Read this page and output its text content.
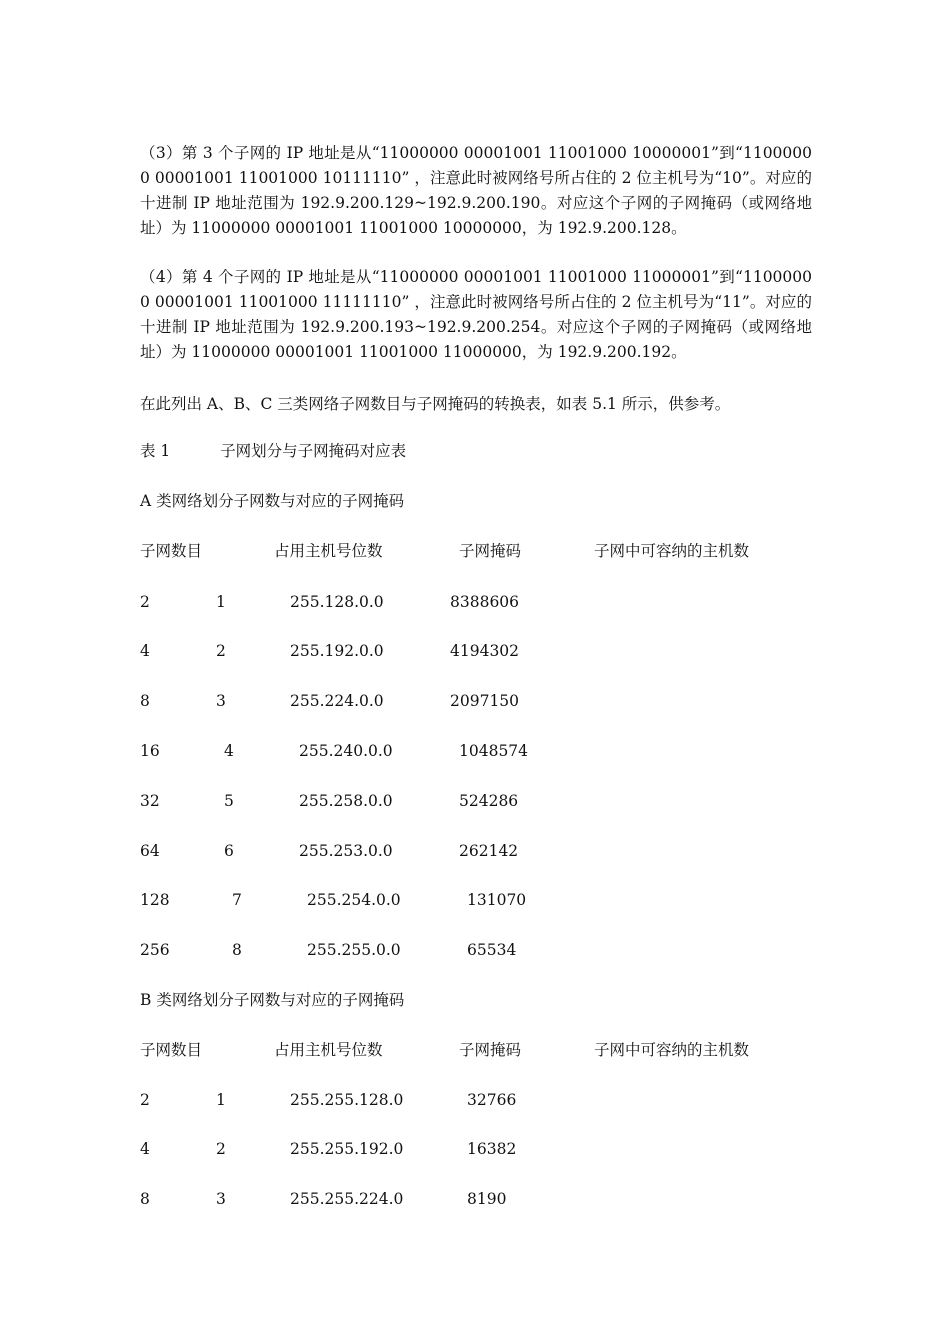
（3）第 3 个子网的 IP 地址是从“11000000 00001001 11001000 10000001”到“11000000 00001001 11001000 10111110” ，注意此时被网络号所占住的 2 位主机号为“10”。对应的十进制 IP 地址范围为 192.9.200.129~192.9.200.190。对应这个子网的子网掩码（或网络地址）为 11000000 00001001 11001000 10000000，为 192.9.200.128。

（4）第 4 个子网的 IP 地址是从“11000000 00001001 11001000 11000001”到“11000000 00001001 11001000 11111110” ，注意此时被网络号所占住的 2 位主机号为“11”。对应的十进制 IP 地址范围为 192.9.200.193~192.9.200.254。对应这个子网的子网掩码（或网络地址）为 11000000 00001001 11001000 11000000，为 192.9.200.192。

在此列出 A、B、C 三类网络子网数目与子网掩码的转换表，如表 5.1 所示，供参考。

表 1	子网划分与子网掩码对应表

A 类网络划分子网数与对应的子网掩码

子网数目	占用主机号位数	子网掩码	子网中可容纳的主机数
2	1	255.128.0.0	8388606
4	2	255.192.0.0	4194302
8	3	255.224.0.0	2097150
16	4	255.240.0.0	1048574
32	5	255.258.0.0	524286
64	6	255.253.0.0	262142
128	7	255.254.0.0	131070
256	8	255.255.0.0	65534

B 类网络划分子网数与对应的子网掩码

子网数目	占用主机号位数	子网掩码	子网中可容纳的主机数
2	1	255.255.128.0	32766
4	2	255.255.192.0	16382
8	3	255.255.224.0	8190
